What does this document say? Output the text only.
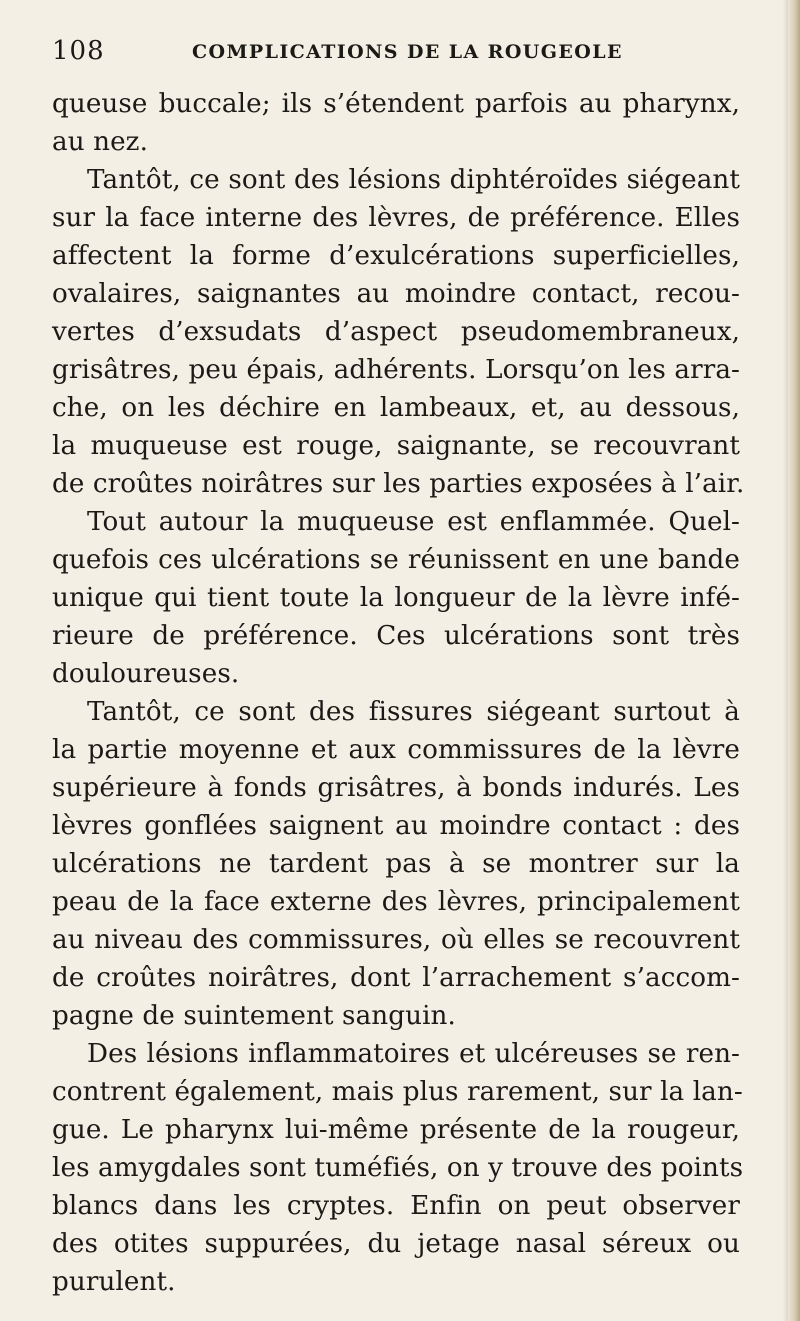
108	COMPLICATIONS DE LA ROUGEOLE
queuse buccale; ils s’étendent parfois au pharynx,
au nez.
Tantôt, ce sont des lésions diphtéroïdes siégeant
sur la face interne des lèvres, de préférence. Elles
affectent la forme d’exulcérations superficielles,
ovalaires, saignantes au moindre contact, recou-
vertes d’exsudats d’aspect pseudomembraneux,
grisâtres, peu épais, adhérents. Lorsqu’on les arra-
che, on les déchire en lambeaux, et, au dessous,
la muqueuse est rouge, saignante, se recouvrant
de croûtes noirâtres sur les parties exposées à l’air.
Tout autour la muqueuse est enflammée. Quel-
quefois ces ulcérations se réunissent en une bande
unique qui tient toute la longueur de la lèvre infé-
rieure de préférence. Ces ulcérations sont très
douloureuses.
Tantôt, ce sont des fissures siégeant surtout à
la partie moyenne et aux commissures de la lèvre
supérieure à fonds grisâtres, à bonds indurés. Les
lèvres gonflées saignent au moindre contact : des
ulcérations ne tardent pas à se montrer sur la
peau de la face externe des lèvres, principalement
au niveau des commissures, où elles se recouvrent
de croûtes noirâtres, dont l’arrachement s’accom-
pagne de suintement sanguin.
Des lésions inflammatoires et ulcéreuses se ren-
contrent également, mais plus rarement, sur la lan-
gue. Le pharynx lui-même présente de la rougeur,
les amygdales sont tuméfiés, on y trouve des points
blancs dans les cryptes. Enfin on peut observer
des otites suppurées, du jetage nasal séreux ou
purulent.
